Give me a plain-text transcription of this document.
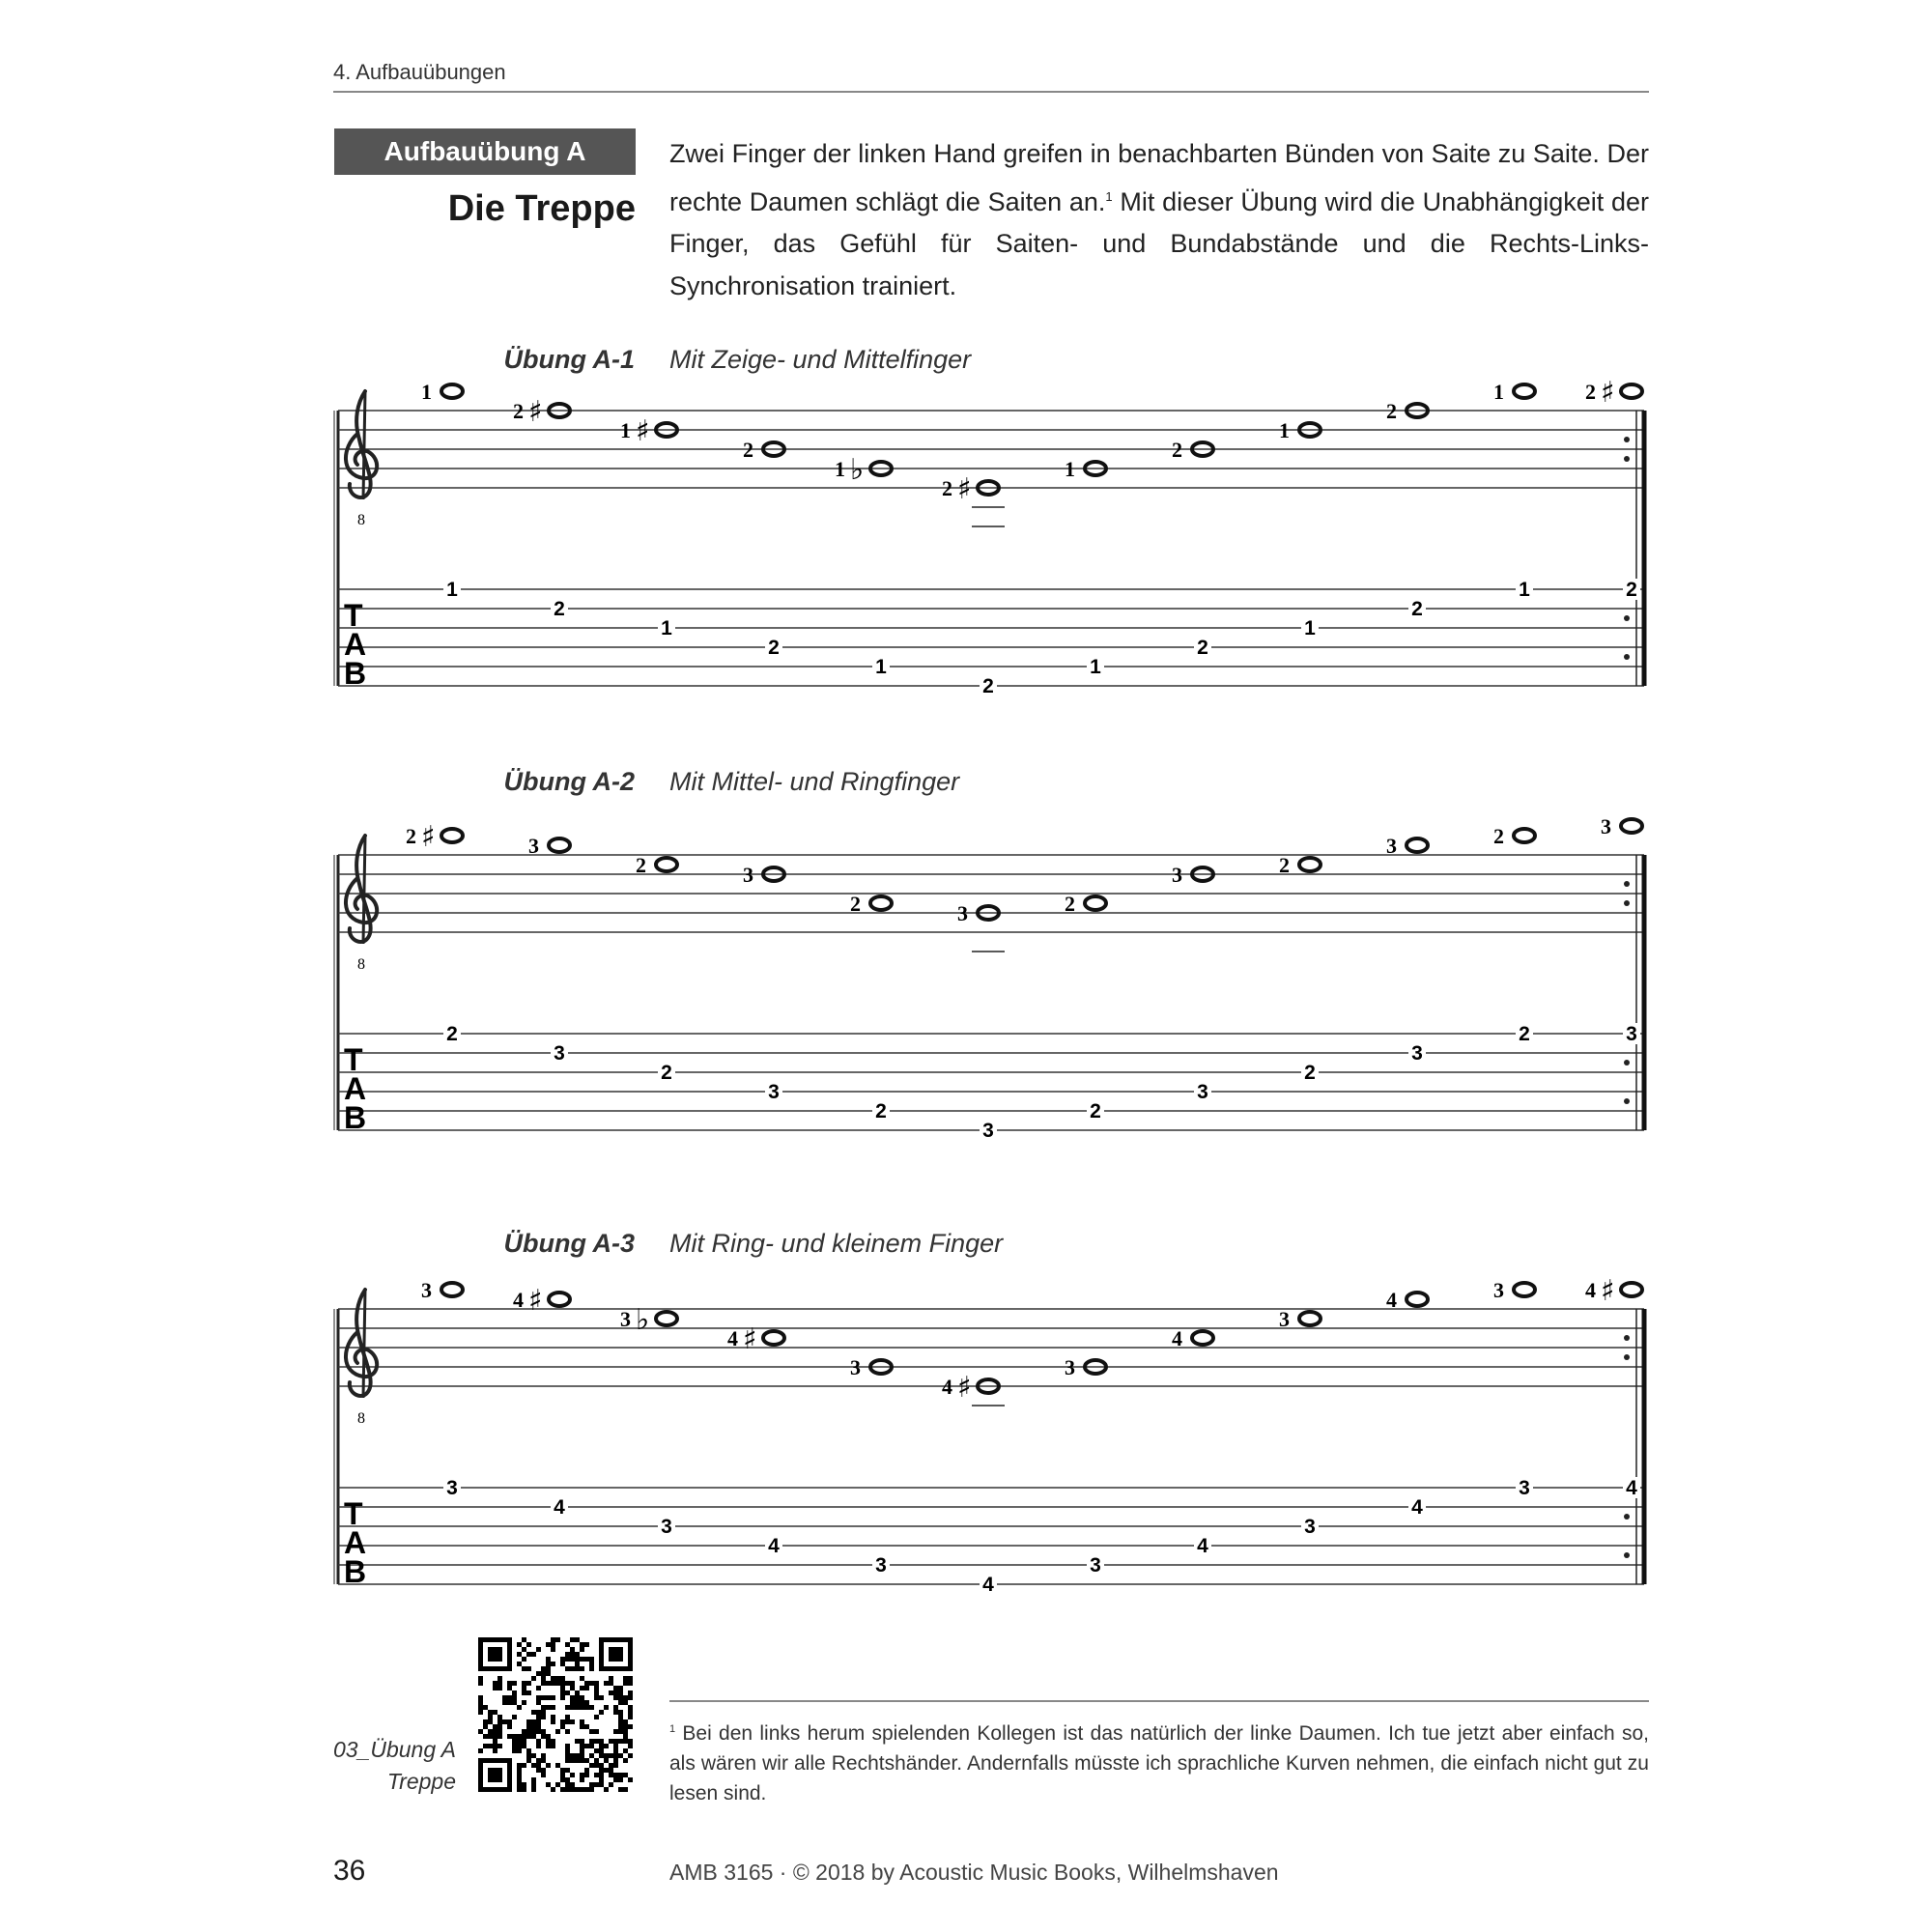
4. Aufbauübungen
Aufbauübung A
Die Treppe
Zwei Finger der linken Hand greifen in benachbarten Bünden von Saite zu Saite. Der rechte Daumen schlägt die Saiten an.$^1$ Mit dieser Übung wird die Unabhängigkeit der Finger, das Gefühl für Saiten- und Bundabstände und die Rechts-Links-Synchronisation trainiert.
Übung A-1 Mit Zeige- und Mittelfinger
8
T
A
B
1
1
♯
2
2
♯
1
1
2
2
♭
1
1
♯
2
2
1
1
2
2
1
1
2
2
1
1
♯
2
2
Übung A-2 Mit Mittel- und Ringfinger
8
T
A
B
♯
2
2
3
3
2
2
3
3
2
2
3
3
2
2
3
3
2
2
3
3
2
2
3
3
Übung A-3 Mit Ring- und kleinem Finger
8
T
A
B
3
3
♯
4
4
♭
3
3
♯
4
4
3
3
♯
4
4
3
3
4
4
3
3
4
4
3
3
♯
4
4
03_Übung A
Treppe
$^1$ Bei den links herum spielenden Kollegen ist das natürlich der linke Daumen. Ich tue jetzt aber einfach so, als wären wir alle Rechtshänder. Andernfalls müsste ich sprachliche Kurven nehmen, die einfach nicht gut zu lesen sind.
36	AMB 3165 · © 2018 by Acoustic Music Books, Wilhelmshaven
